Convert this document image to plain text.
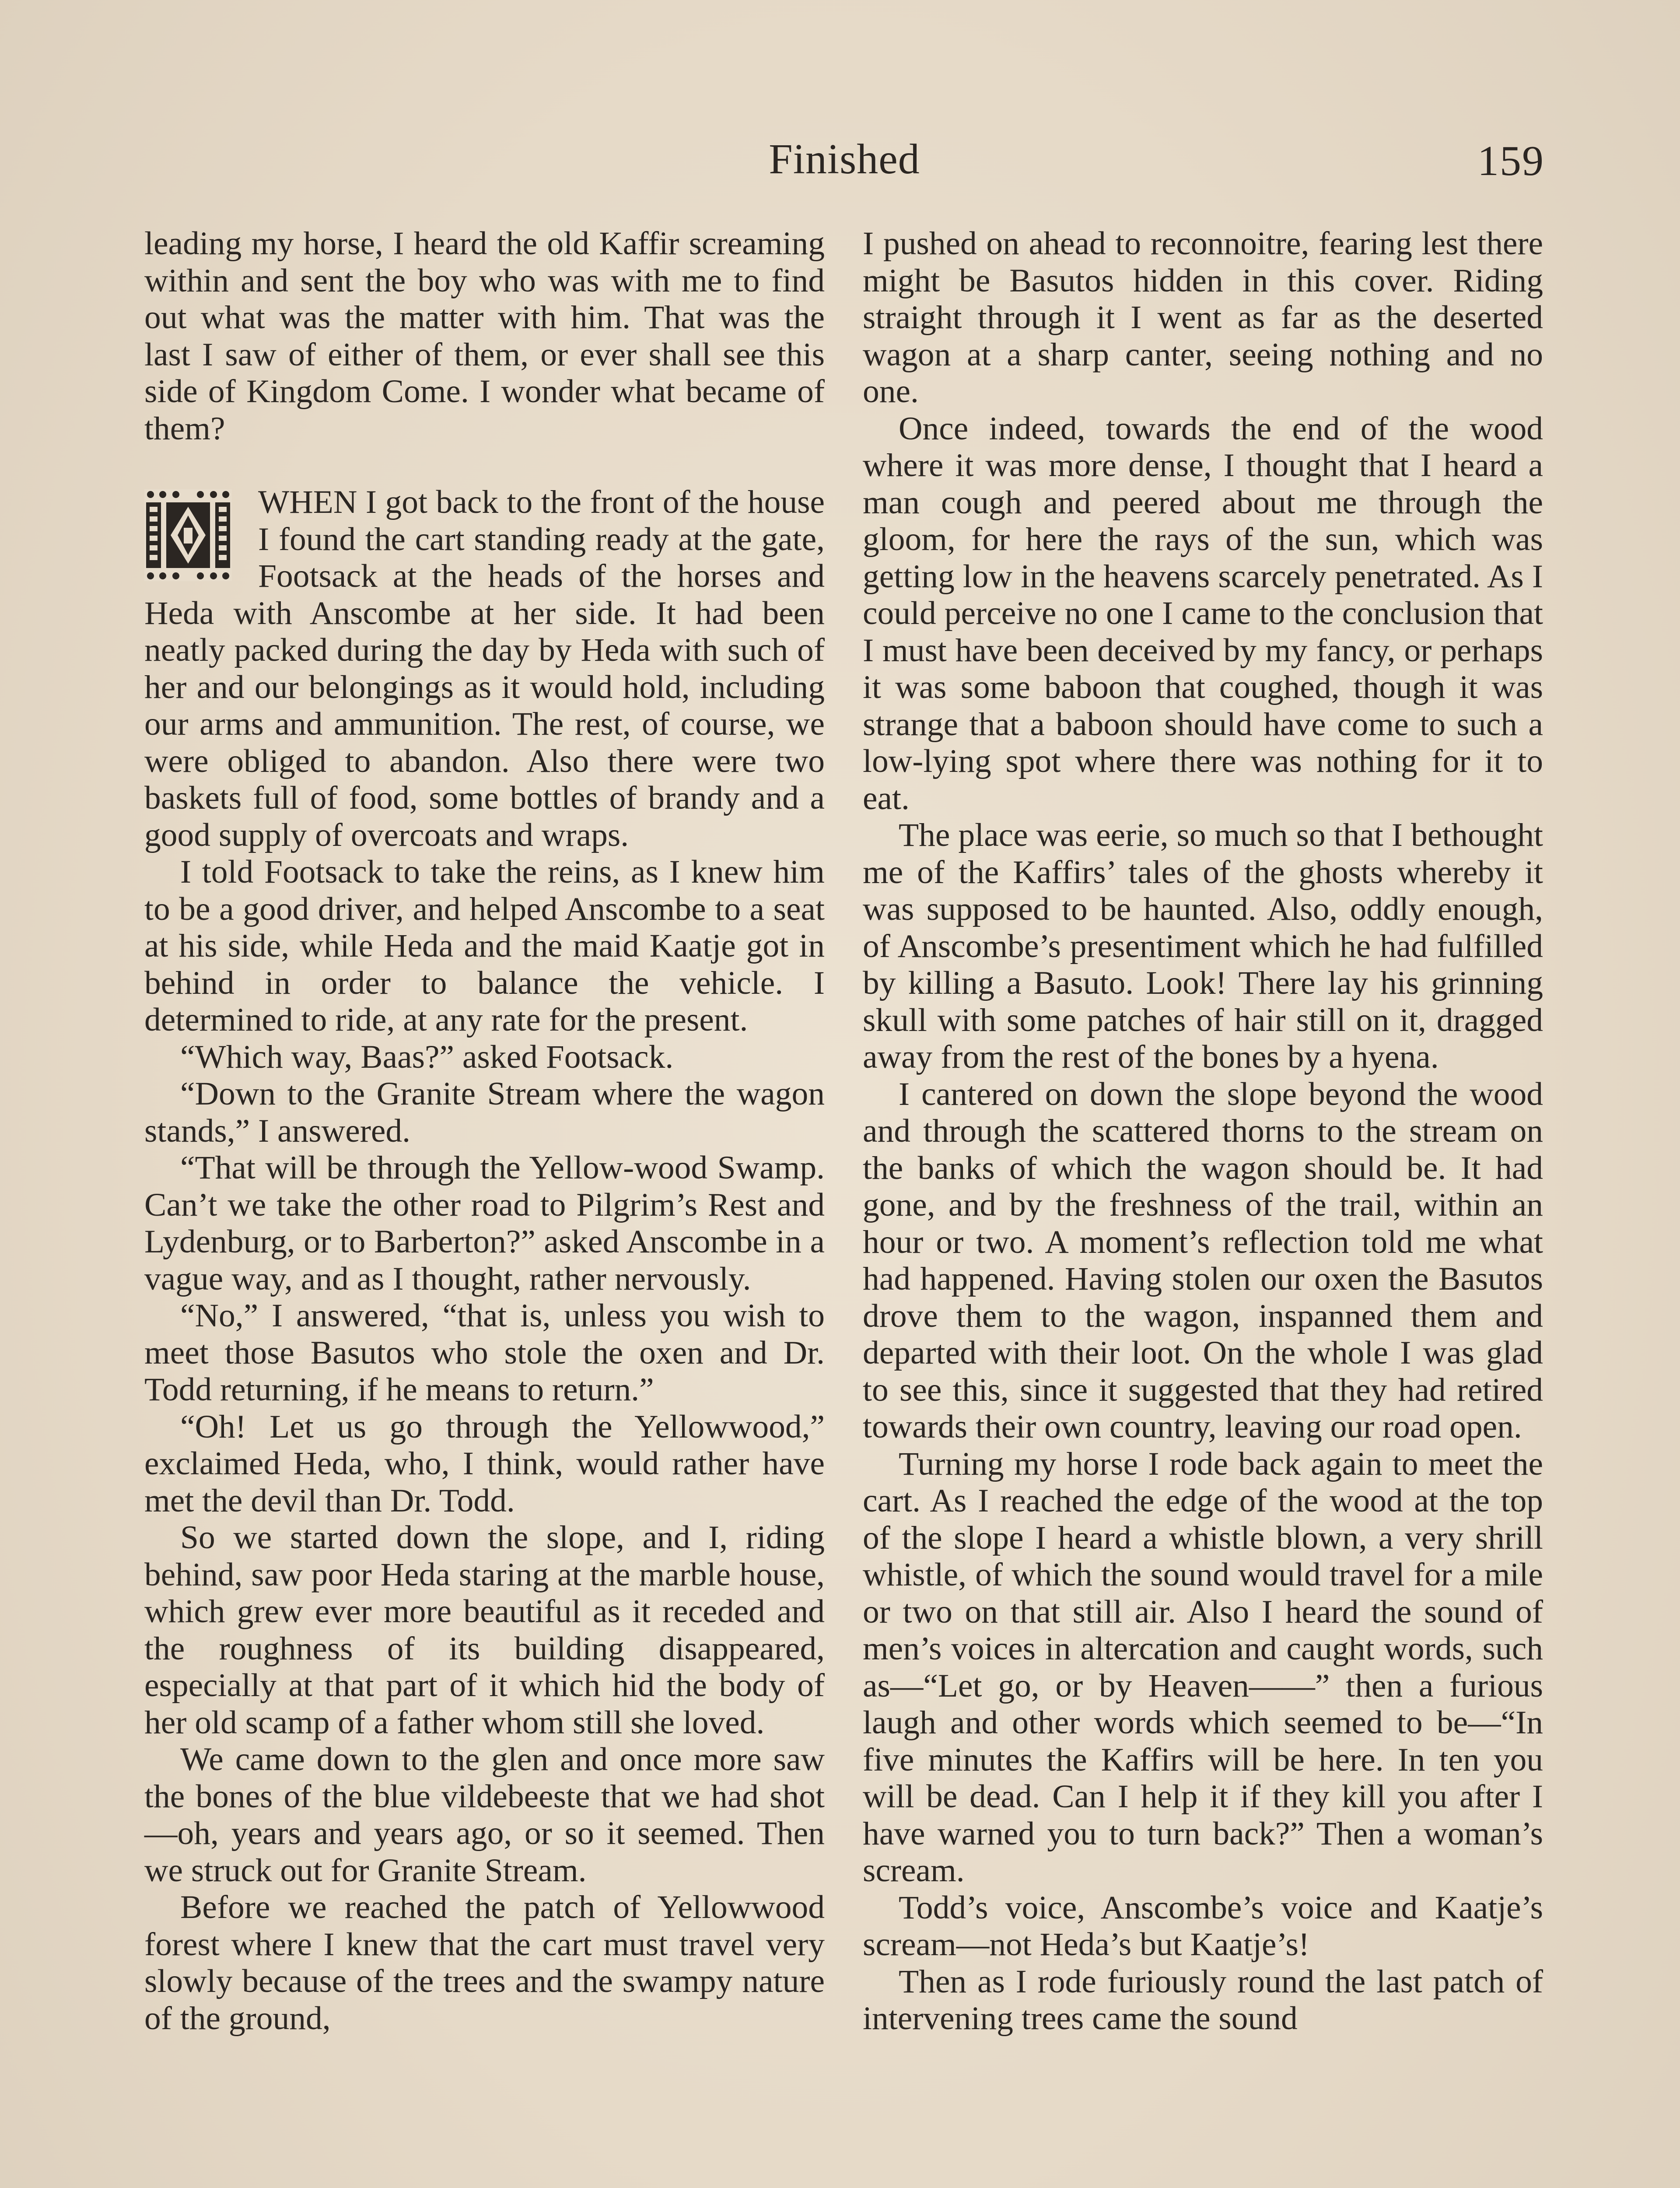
Finished	159

leading my horse, I heard the old Kaffir screaming within and sent the boy who was with me to find out what was the matter with him. That was the last I saw of either of them, or ever shall see this side of Kingdom Come. I wonder what became of them?

WHEN I got back to the front of the house I found the cart standing ready at the gate, Footsack at the heads of the horses and Heda with Anscombe at her side. It had been neatly packed during the day by Heda with such of her and our belongings as it would hold, including our arms and ammunition. The rest, of course, we were obliged to abandon. Also there were two baskets full of food, some bottles of brandy and a good supply of overcoats and wraps.

I told Footsack to take the reins, as I knew him to be a good driver, and helped Anscombe to a seat at his side, while Heda and the maid Kaatje got in behind in order to balance the vehicle. I determined to ride, at any rate for the present.

“Which way, Baas?” asked Footsack.

“Down to the Granite Stream where the wagon stands,” I answered.

“That will be through the Yellow-wood Swamp. Can’t we take the other road to Pilgrim’s Rest and Lydenburg, or to Barberton?” asked Anscombe in a vague way, and as I thought, rather nervously.

“No,” I answered, “that is, unless you wish to meet those Basutos who stole the oxen and Dr. Todd returning, if he means to return.”

“Oh! Let us go through the Yellowwood,” exclaimed Heda, who, I think, would rather have met the devil than Dr. Todd.

So we started down the slope, and I, riding behind, saw poor Heda staring at the marble house, which grew ever more beautiful as it receded and the roughness of its building disappeared, especially at that part of it which hid the body of her old scamp of a father whom still she loved.

We came down to the glen and once more saw the bones of the blue vildebeeste that we had shot—oh, years and years ago, or so it seemed. Then we struck out for Granite Stream.

Before we reached the patch of Yellowwood forest where I knew that the cart must travel very slowly because of the trees and the swampy nature of the ground,

I pushed on ahead to reconnoitre, fearing lest there might be Basutos hidden in this cover. Riding straight through it I went as far as the deserted wagon at a sharp canter, seeing nothing and no one.

Once indeed, towards the end of the wood where it was more dense, I thought that I heard a man cough and peered about me through the gloom, for here the rays of the sun, which was getting low in the heavens scarcely penetrated. As I could perceive no one I came to the conclusion that I must have been deceived by my fancy, or perhaps it was some baboon that coughed, though it was strange that a baboon should have come to such a low-lying spot where there was nothing for it to eat.

The place was eerie, so much so that I bethought me of the Kaffirs’ tales of the ghosts whereby it was supposed to be haunted. Also, oddly enough, of Anscombe’s presentiment which he had fulfilled by killing a Basuto. Look! There lay his grinning skull with some patches of hair still on it, dragged away from the rest of the bones by a hyena.

I cantered on down the slope beyond the wood and through the scattered thorns to the stream on the banks of which the wagon should be. It had gone, and by the freshness of the trail, within an hour or two. A moment’s reflection told me what had happened. Having stolen our oxen the Basutos drove them to the wagon, inspanned them and departed with their loot. On the whole I was glad to see this, since it suggested that they had retired towards their own country, leaving our road open.

Turning my horse I rode back again to meet the cart. As I reached the edge of the wood at the top of the slope I heard a whistle blown, a very shrill whistle, of which the sound would travel for a mile or two on that still air. Also I heard the sound of men’s voices in altercation and caught words, such as—“Let go, or by Heaven——” then a furious laugh and other words which seemed to be—“In five minutes the Kaffirs will be here. In ten you will be dead. Can I help it if they kill you after I have warned you to turn back?” Then a woman’s scream.

Todd’s voice, Anscombe’s voice and Kaatje’s scream—not Heda’s but Kaatje’s!

Then as I rode furiously round the last patch of intervening trees came the sound
